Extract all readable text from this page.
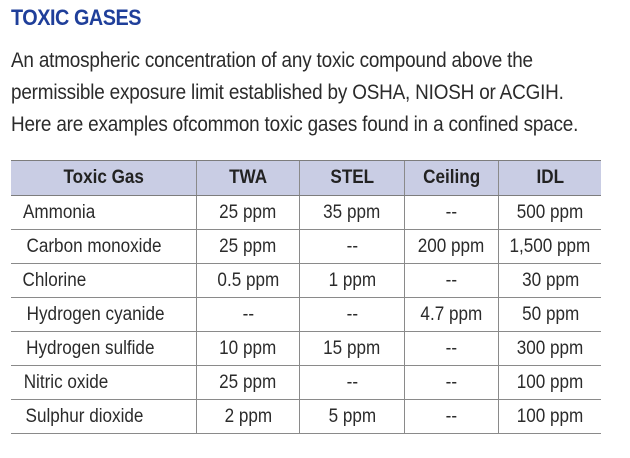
TOXIC GASES

An atmospheric concentration of any toxic compound above the
permissible exposure limit established by OSHA, NIOSH or ACGIH.
Here are examples ofcommon toxic gases found in a confined space.

Toxic Gas	TWA	STEL	Ceiling	IDL
Ammonia	25 ppm	35 ppm	--	500 ppm
Carbon monoxide	25 ppm	--	200 ppm	1,500 ppm
Chlorine	0.5 ppm	1 ppm	--	30 ppm
Hydrogen cyanide	--	--	4.7 ppm	50 ppm
Hydrogen sulfide	10 ppm	15 ppm	--	300 ppm
Nitric oxide	25 ppm	--	--	100 ppm
Sulphur dioxide	2 ppm	5 ppm	--	100 ppm
